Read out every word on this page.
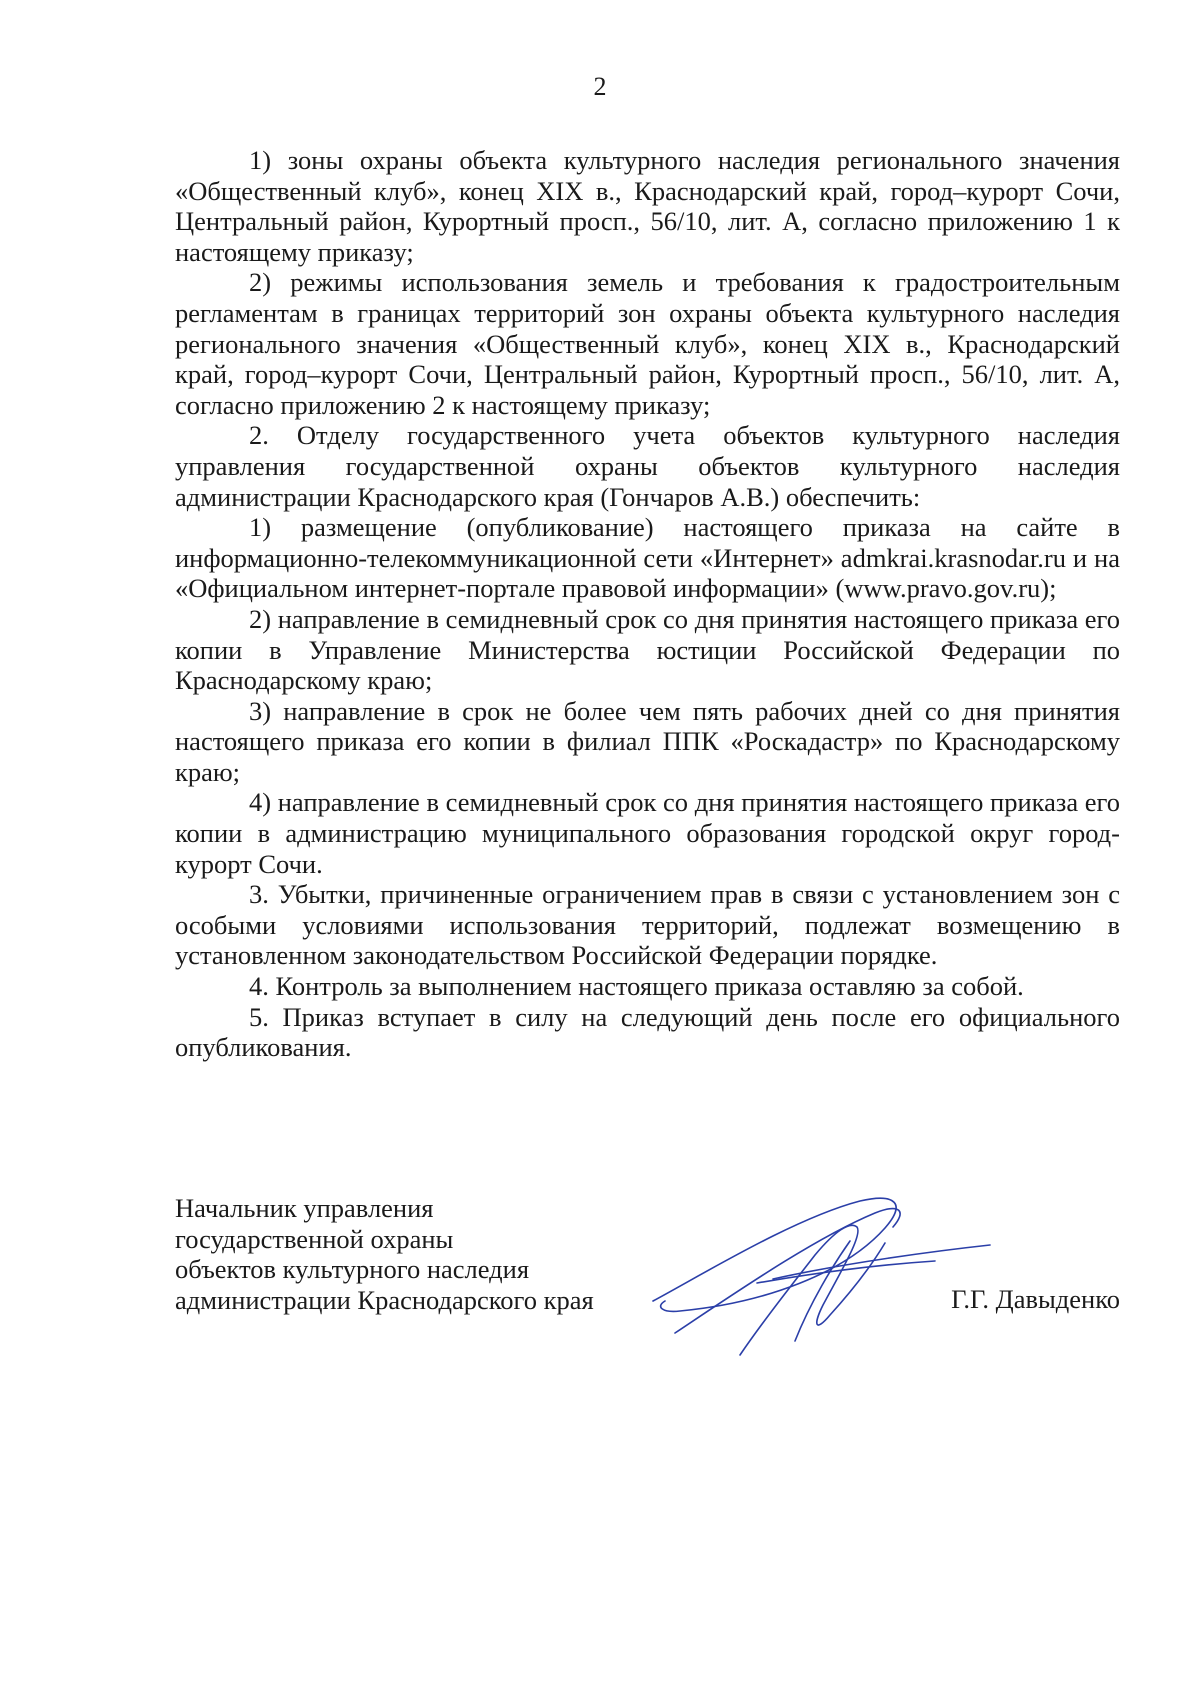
2

1) зоны охраны объекта культурного наследия регионального значения «Общественный клуб», конец XIX в., Краснодарский край, город–курорт Сочи, Центральный район, Курортный просп., 56/10, лит. А, согласно приложению 1 к настоящему приказу;

2) режимы использования земель и требования к градостроительным регламентам в границах территорий зон охраны объекта культурного наследия регионального значения «Общественный клуб», конец XIX в., Краснодарский край, город–курорт Сочи, Центральный район, Курортный просп., 56/10, лит. А, согласно приложению 2 к настоящему приказу;

2. Отделу государственного учета объектов культурного наследия управления государственной охраны объектов культурного наследия администрации Краснодарского края (Гончаров А.В.) обеспечить:

1) размещение (опубликование) настоящего приказа на сайте в информационно-телекоммуникационной сети «Интернет» admkrai.krasnodar.ru и на «Официальном интернет-портале правовой информации» (www.pravo.gov.ru);

2) направление в семидневный срок со дня принятия настоящего приказа его копии в Управление Министерства юстиции Российской Федерации по Краснодарскому краю;

3) направление в срок не более чем пять рабочих дней со дня принятия настоящего приказа его копии в филиал ППК «Роскадастр» по Краснодарскому краю;

4) направление в семидневный срок со дня принятия настоящего приказа его копии в администрацию муниципального образования городской округ город-курорт Сочи.

3. Убытки, причиненные ограничением прав в связи с установлением зон с особыми условиями использования территорий, подлежат возмещению в установленном законодательством Российской Федерации порядке.

4. Контроль за выполнением настоящего приказа оставляю за собой.

5. Приказ вступает в силу на следующий день после его официального опубликования.

Начальник управления
государственной охраны
объектов культурного наследия
администрации Краснодарского края	Г.Г. Давыденко
